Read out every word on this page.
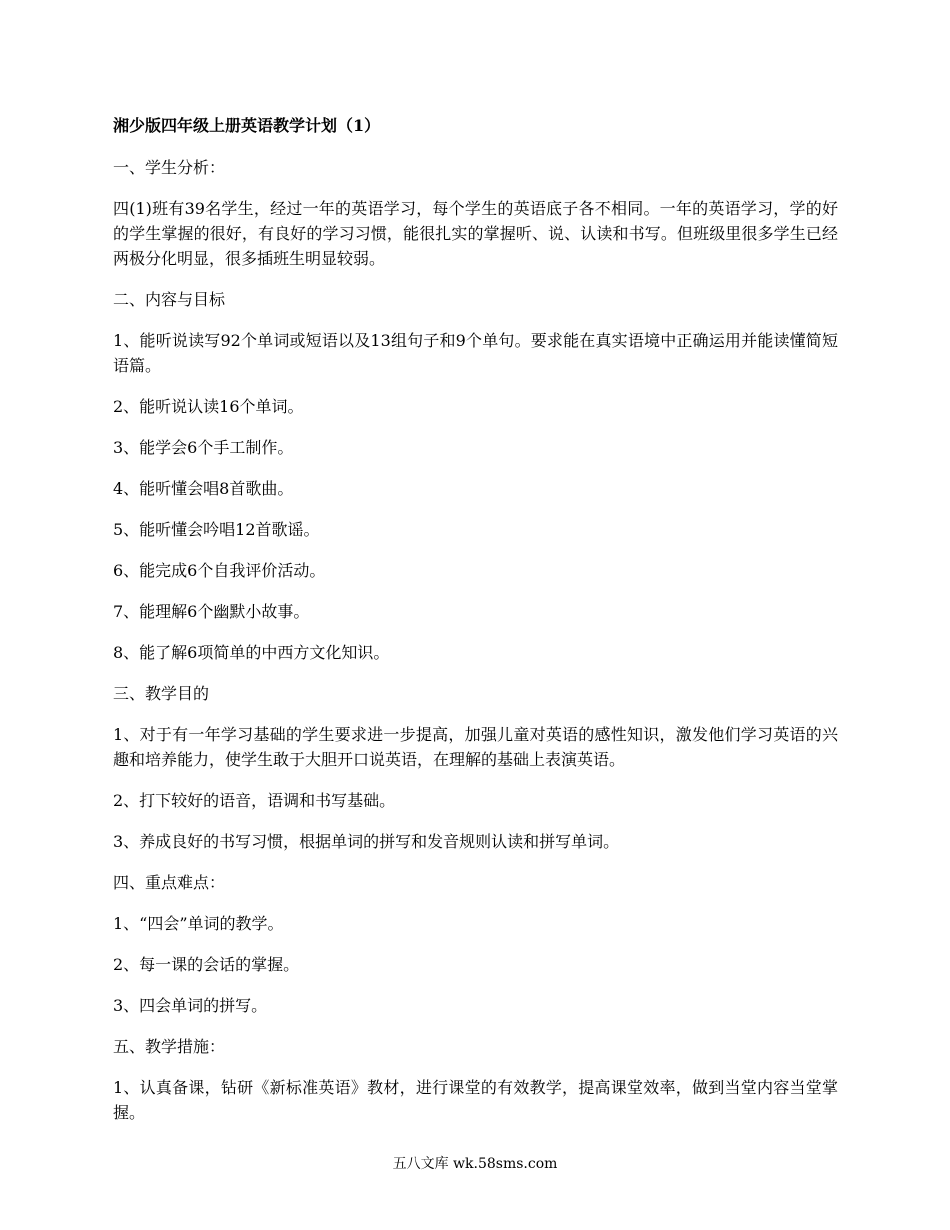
湘少版四年级上册英语教学计划（1）

一、学生分析：

四(1)班有39名学生，经过一年的英语学习，每个学生的英语底子各不相同。一年的英语学习，学的好的学生掌握的很好，有良好的学习习惯，能很扎实的掌握听、说、认读和书写。但班级里很多学生已经两极分化明显，很多插班生明显较弱。

二、内容与目标

1、能听说读写92个单词或短语以及13组句子和9个单句。要求能在真实语境中正确运用并能读懂简短语篇。

2、能听说认读16个单词。

3、能学会6个手工制作。

4、能听懂会唱8首歌曲。

5、能听懂会吟唱12首歌谣。

6、能完成6个自我评价活动。

7、能理解6个幽默小故事。

8、能了解6项简单的中西方文化知识。

三、教学目的

1、对于有一年学习基础的学生要求进一步提高，加强儿童对英语的感性知识，激发他们学习英语的兴趣和培养能力，使学生敢于大胆开口说英语，在理解的基础上表演英语。

2、打下较好的语音，语调和书写基础。

3、养成良好的书写习惯，根据单词的拼写和发音规则认读和拼写单词。

四、重点难点：

1、“四会”单词的教学。

2、每一课的会话的掌握。

3、四会单词的拼写。

五、教学措施：

1、认真备课，钻研《新标准英语》教材，进行课堂的有效教学，提高课堂效率，做到当堂内容当堂掌握。

五八文库 wk.58sms.com
